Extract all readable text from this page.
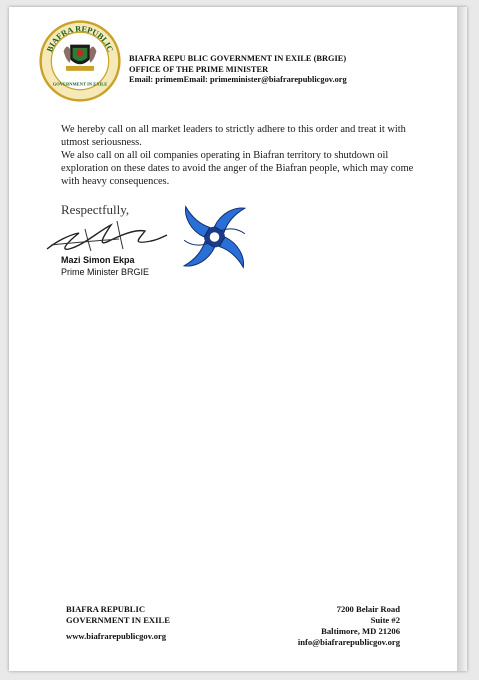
BIAFRA REPUBLIC
GOVERNMENT IN EXILE
BIAFRA REPU BLIC GOVERNMENT IN EXILE (BRGIE)
OFFICE OF THE PRIME MINISTER
Email: primemEmail: primeminister@biafrarepublicgov.org

We hereby call on all market leaders to strictly adhere to this order and treat it with utmost seriousness.

We also call on all oil companies operating in Biafran territory to shutdown oil exploration on these dates to avoid the anger of the Biafran people, which may come with heavy consequences.

Respectfully,
Mazi Simon Ekpa
Prime Minister BRGIE
BIAFRA REPUBLIC
GOVERNMENT IN EXILE
www.biafrarepublicgov.org
7200 Belair Road
Suite #2
Baltimore, MD 21206
info@biafrarepublicgov.org
